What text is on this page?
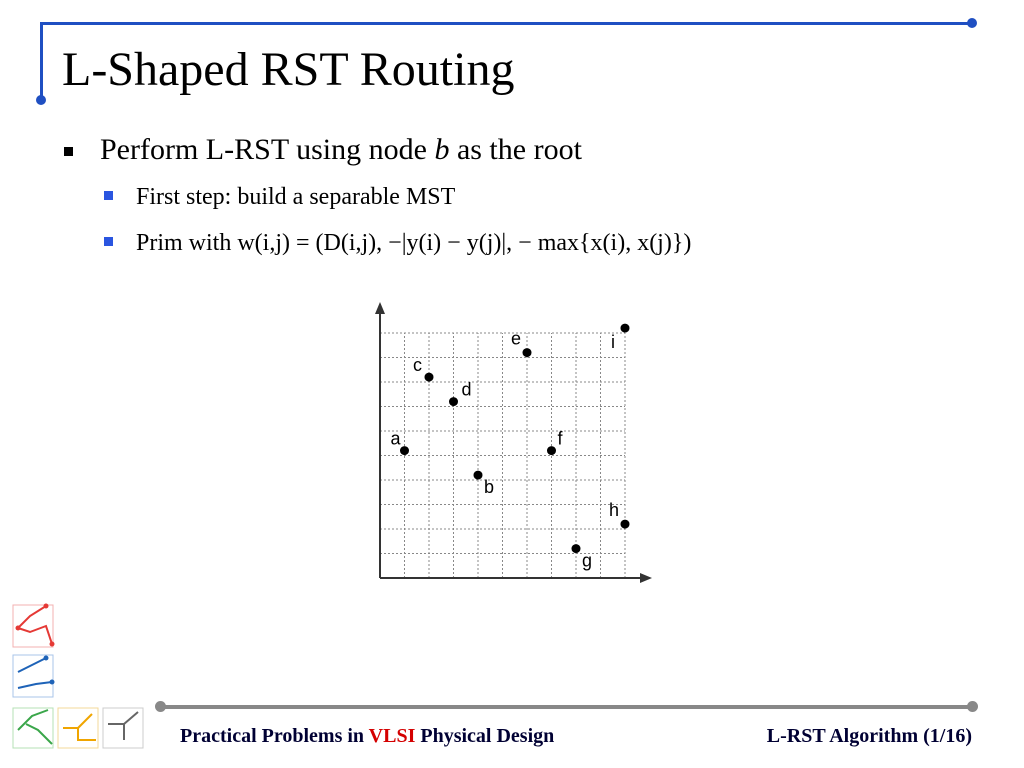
L-Shaped RST Routing
Perform L-RST using node b as the root
First step: build a separable MST
Prim with w(i,j) = (D(i,j), −|y(i) − y(j)|, − max{x(i), x(j)})
a
b
c
d
e
f
g
h
i
Practical Problems in VLSI Physical Design	L-RST Algorithm (1/16)
